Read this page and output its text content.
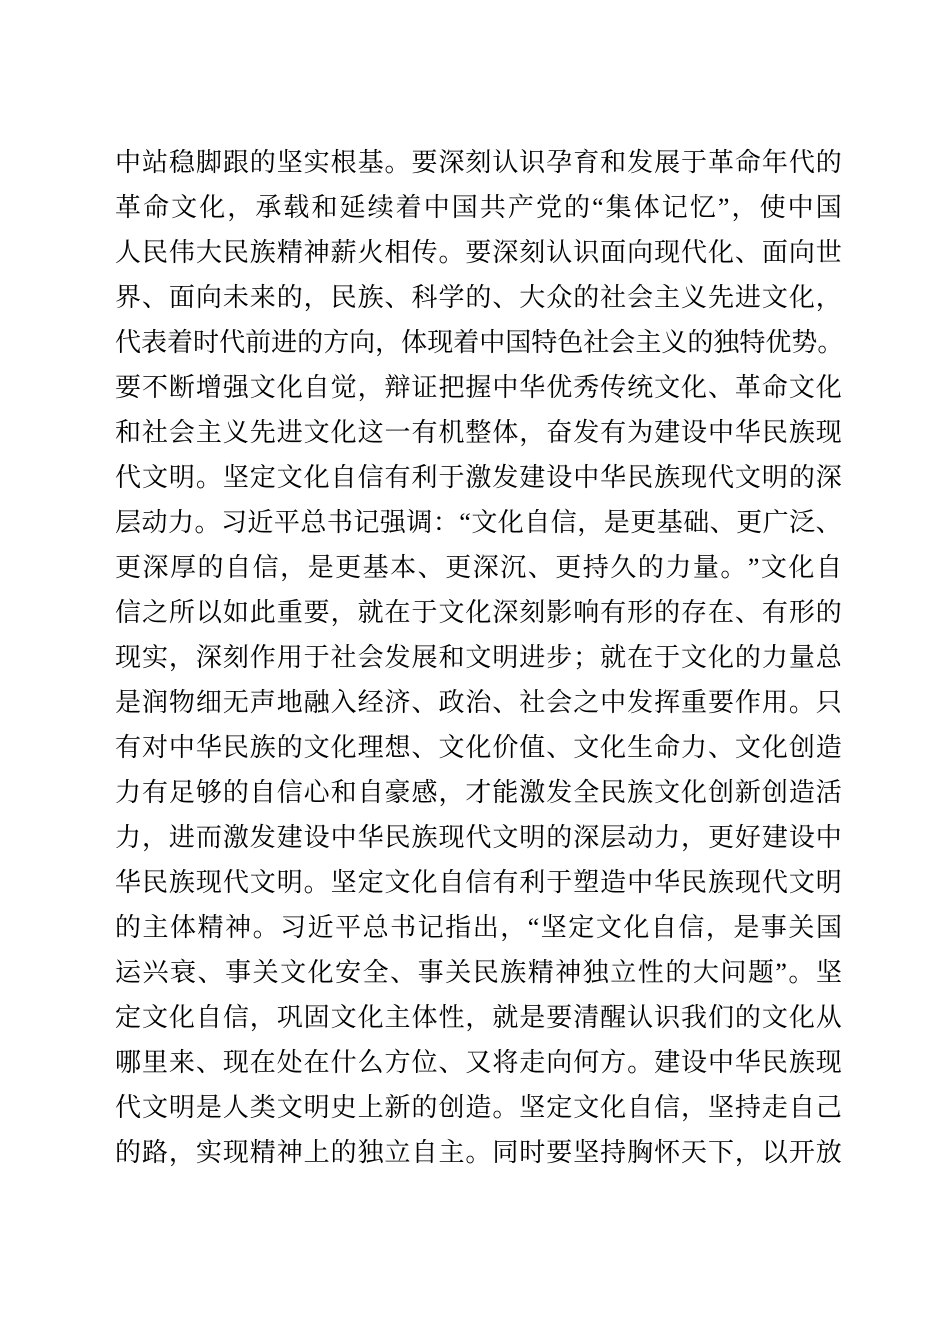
中 站 稳 脚 跟 的 坚 实 根 基 。 要 深 刻 认 识 孕 育 和 发 展 于 革 命 年 代 的
革 命 文 化 ， 承 载 和 延 续 着 中 国 共 产 党 的 “ 集 体 记 忆 ” ， 使 中 国
人 民 伟 大 民 族 精 神 薪 火 相 传 。 要 深 刻 认 识 面 向 现 代 化 、 面 向 世
界 、 面 向 未 来 的 ， 民 族 、 科 学 的 、 大 众 的 社 会 主 义 先 进 文 化 ，
代 表 着 时 代 前 进 的 方 向 ， 体 现 着 中 国 特 色 社 会 主 义 的 独 特 优 势 。
要 不 断 增 强 文 化 自 觉 ， 辩 证 把 握 中 华 优 秀 传 统 文 化 、 革 命 文 化
和 社 会 主 义 先 进 文 化 这 一 有 机 整 体 ， 奋 发 有 为 建 设 中 华 民 族 现
代 文 明 。 坚 定 文 化 自 信 有 利 于 激 发 建 设 中 华 民 族 现 代 文 明 的 深
层 动 力 。 习 近 平 总 书 记 强 调 ： “ 文 化 自 信 ， 是 更 基 础 、 更 广 泛 、
更 深 厚 的 自 信 ， 是 更 基 本 、 更 深 沉 、 更 持 久 的 力 量 。 ” 文 化 自
信 之 所 以 如 此 重 要 ， 就 在 于 文 化 深 刻 影 响 有 形 的 存 在 、 有 形 的
现 实 ， 深 刻 作 用 于 社 会 发 展 和 文 明 进 步 ； 就 在 于 文 化 的 力 量 总
是 润 物 细 无 声 地 融 入 经 济 、 政 治 、 社 会 之 中 发 挥 重 要 作 用 。 只
有 对 中 华 民 族 的 文 化 理 想 、 文 化 价 值 、 文 化 生 命 力 、 文 化 创 造
力 有 足 够 的 自 信 心 和 自 豪 感 ， 才 能 激 发 全 民 族 文 化 创 新 创 造 活
力 ， 进 而 激 发 建 设 中 华 民 族 现 代 文 明 的 深 层 动 力 ， 更 好 建 设 中
华 民 族 现 代 文 明 。 坚 定 文 化 自 信 有 利 于 塑 造 中 华 民 族 现 代 文 明
的 主 体 精 神 。 习 近 平 总 书 记 指 出 ， “ 坚 定 文 化 自 信 ， 是 事 关 国
运 兴 衰 、 事 关 文 化 安 全 、 事 关 民 族 精 神 独 立 性 的 大 问 题 ” 。 坚
定 文 化 自 信 ， 巩 固 文 化 主 体 性 ， 就 是 要 清 醒 认 识 我 们 的 文 化 从
哪 里 来 、 现 在 处 在 什 么 方 位 、 又 将 走 向 何 方 。 建 设 中 华 民 族 现
代 文 明 是 人 类 文 明 史 上 新 的 创 造 。 坚 定 文 化 自 信 ， 坚 持 走 自 己
的 路 ， 实 现 精 神 上 的 独 立 自 主 。 同 时 要 坚 持 胸 怀 天 下 ， 以 开 放
